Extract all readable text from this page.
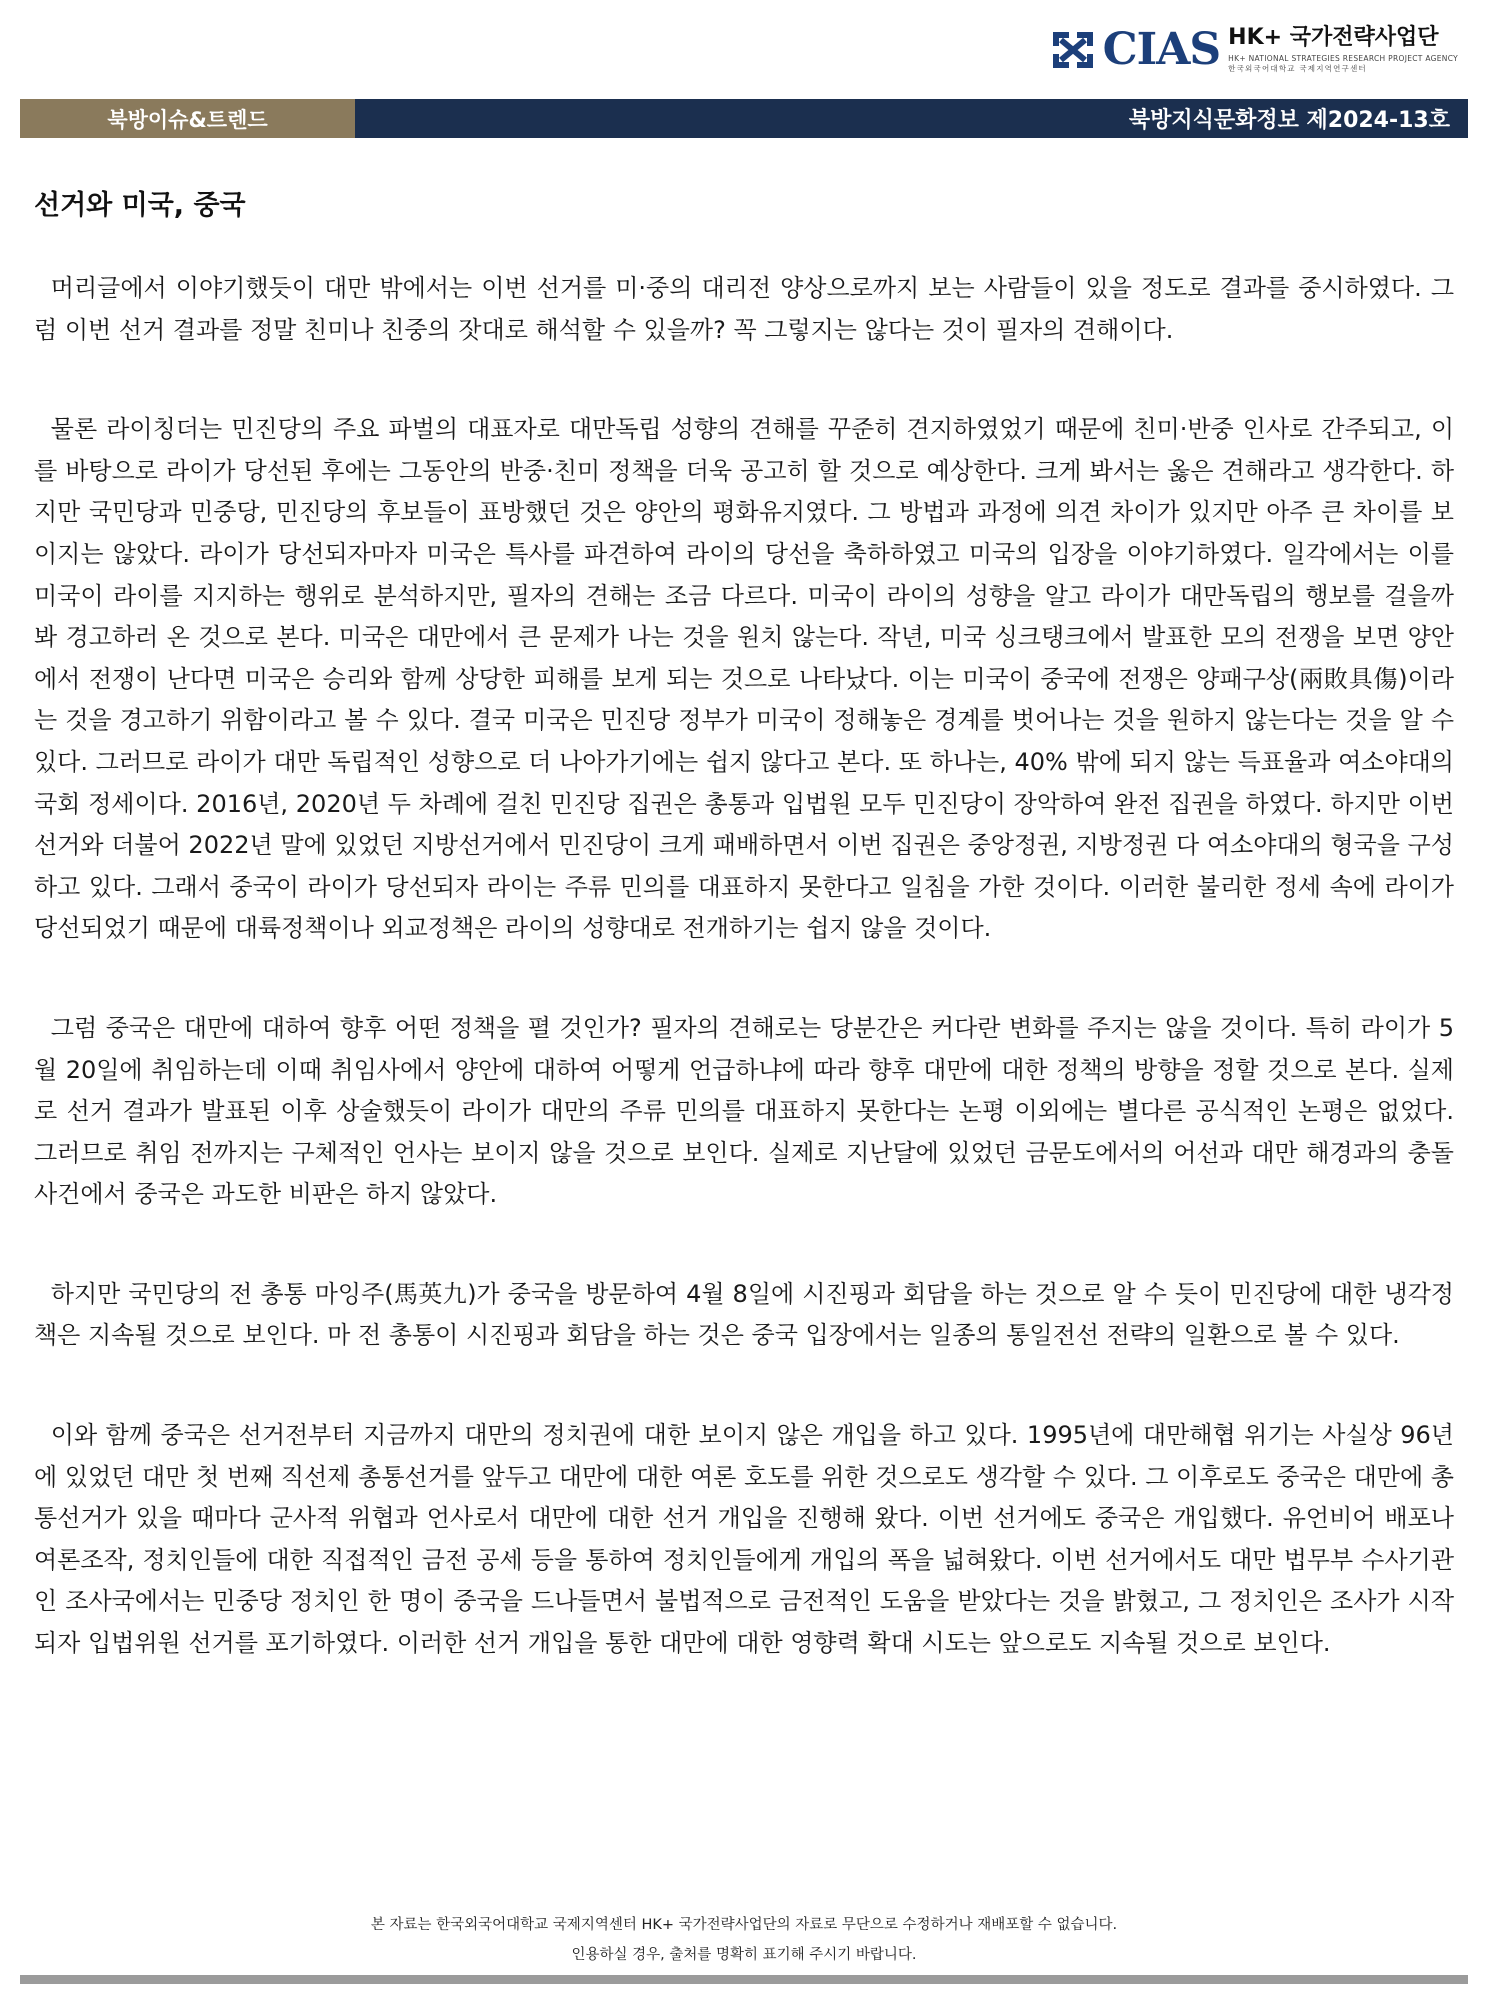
CIAS HK+ 국가전략사업단
HK+ NATIONAL STRATEGIES RESEARCH PROJECT AGENCY
한국외국어대학교 국제지역연구센터
북방이슈&트렌드	북방지식문화정보 제2024-13호
선거와 미국, 중국

머리글에서 이야기했듯이 대만 밖에서는 이번 선거를 미·중의 대리전 양상으로까지 보는 사람들이 있을 정도로 결과를 중시하였다. 그럼 이번 선거 결과를 정말 친미나 친중의 잣대로 해석할 수 있을까? 꼭 그렇지는 않다는 것이 필자의 견해이다.

물론 라이칭더는 민진당의 주요 파벌의 대표자로 대만독립 성향의 견해를 꾸준히 견지하였었기 때문에 친미·반중 인사로 간주되고, 이를 바탕으로 라이가 당선된 후에는 그동안의 반중·친미 정책을 더욱 공고히 할 것으로 예상한다. 크게 봐서는 옳은 견해라고 생각한다. 하지만 국민당과 민중당, 민진당의 후보들이 표방했던 것은 양안의 평화유지였다. 그 방법과 과정에 의견 차이가 있지만 아주 큰 차이를 보이지는 않았다. 라이가 당선되자마자 미국은 특사를 파견하여 라이의 당선을 축하하였고 미국의 입장을 이야기하였다. 일각에서는 이를 미국이 라이를 지지하는 행위로 분석하지만, 필자의 견해는 조금 다르다. 미국이 라이의 성향을 알고 라이가 대만독립의 행보를 걸을까 봐 경고하러 온 것으로 본다. 미국은 대만에서 큰 문제가 나는 것을 원치 않는다. 작년, 미국 싱크탱크에서 발표한 모의 전쟁을 보면 양안에서 전쟁이 난다면 미국은 승리와 함께 상당한 피해를 보게 되는 것으로 나타났다. 이는 미국이 중국에 전쟁은 양패구상(兩敗具傷)이라는 것을 경고하기 위함이라고 볼 수 있다. 결국 미국은 민진당 정부가 미국이 정해놓은 경계를 벗어나는 것을 원하지 않는다는 것을 알 수 있다. 그러므로 라이가 대만 독립적인 성향으로 더 나아가기에는 쉽지 않다고 본다. 또 하나는, 40% 밖에 되지 않는 득표율과 여소야대의 국회 정세이다. 2016년, 2020년 두 차례에 걸친 민진당 집권은 총통과 입법원 모두 민진당이 장악하여 완전 집권을 하였다. 하지만 이번 선거와 더불어 2022년 말에 있었던 지방선거에서 민진당이 크게 패배하면서 이번 집권은 중앙정권, 지방정권 다 여소야대의 형국을 구성하고 있다. 그래서 중국이 라이가 당선되자 라이는 주류 민의를 대표하지 못한다고 일침을 가한 것이다. 이러한 불리한 정세 속에 라이가 당선되었기 때문에 대륙정책이나 외교정책은 라이의 성향대로 전개하기는 쉽지 않을 것이다.

그럼 중국은 대만에 대하여 향후 어떤 정책을 펼 것인가? 필자의 견해로는 당분간은 커다란 변화를 주지는 않을 것이다. 특히 라이가 5월 20일에 취임하는데 이때 취임사에서 양안에 대하여 어떻게 언급하냐에 따라 향후 대만에 대한 정책의 방향을 정할 것으로 본다. 실제로 선거 결과가 발표된 이후 상술했듯이 라이가 대만의 주류 민의를 대표하지 못한다는 논평 이외에는 별다른 공식적인 논평은 없었다. 그러므로 취임 전까지는 구체적인 언사는 보이지 않을 것으로 보인다. 실제로 지난달에 있었던 금문도에서의 어선과 대만 해경과의 충돌사건에서 중국은 과도한 비판은 하지 않았다.

하지만 국민당의 전 총통 마잉주(馬英九)가 중국을 방문하여 4월 8일에 시진핑과 회담을 하는 것으로 알 수 듯이 민진당에 대한 냉각정책은 지속될 것으로 보인다. 마 전 총통이 시진핑과 회담을 하는 것은 중국 입장에서는 일종의 통일전선 전략의 일환으로 볼 수 있다.

이와 함께 중국은 선거전부터 지금까지 대만의 정치권에 대한 보이지 않은 개입을 하고 있다. 1995년에 대만해협 위기는 사실상 96년에 있었던 대만 첫 번째 직선제 총통선거를 앞두고 대만에 대한 여론 호도를 위한 것으로도 생각할 수 있다. 그 이후로도 중국은 대만에 총통선거가 있을 때마다 군사적 위협과 언사로서 대만에 대한 선거 개입을 진행해 왔다. 이번 선거에도 중국은 개입했다. 유언비어 배포나 여론조작, 정치인들에 대한 직접적인 금전 공세 등을 통하여 정치인들에게 개입의 폭을 넓혀왔다. 이번 선거에서도 대만 법무부 수사기관인 조사국에서는 민중당 정치인 한 명이 중국을 드나들면서 불법적으로 금전적인 도움을 받았다는 것을 밝혔고, 그 정치인은 조사가 시작되자 입법위원 선거를 포기하였다. 이러한 선거 개입을 통한 대만에 대한 영향력 확대 시도는 앞으로도 지속될 것으로 보인다.

본 자료는 한국외국어대학교 국제지역센터 HK+ 국가전략사업단의 자료로 무단으로 수정하거나 재배포할 수 없습니다.
인용하실 경우, 출처를 명확히 표기해 주시기 바랍니다.
